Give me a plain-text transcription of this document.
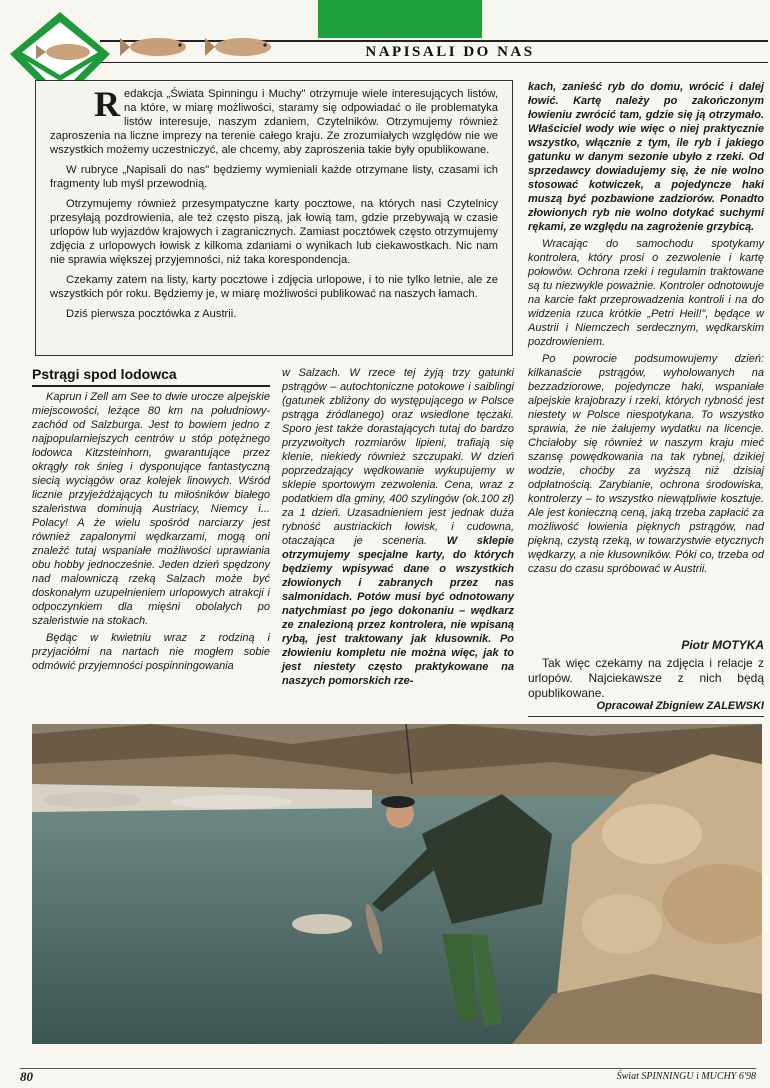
NAPISALI DO NAS

Redakcja „Świata Spinningu i Muchy" otrzymuje wiele interesujących listów, na które, w miarę możliwości, staramy się odpowiadać o ile problematyka listów interesuje, naszym zdaniem, Czytelników. Otrzymujemy również zaproszenia na liczne imprezy na terenie całego kraju. Ze zrozumiałych względów nie we wszystkich możemy uczestniczyć, ale chcemy, aby zaproszenia takie były opublikowane.

W rubryce „Napisali do nas" będziemy wymieniali każde otrzymane listy, czasami ich fragmenty lub myśl przewodnią.

Otrzymujemy również przesympatyczne karty pocztowe, na których nasi Czytelnicy przesyłają pozdrowienia, ale też często piszą, jak łowią tam, gdzie przebywają w czasie urlopów lub wyjazdów krajowych i zagranicznych. Zamiast pocztówek często otrzymujemy zdjęcia z urlopowych łowisk z kilkoma zdaniami o wynikach lub ciekawostkach. Nic nam nie sprawia większej przyjemności, niż taka korespondencja.

Czekamy zatem na listy, karty pocztowe i zdjęcia urlopowe, i to nie tylko letnie, ale ze wszystkich pór roku. Będziemy je, w miarę możliwości publikować na naszych łamach.

Dziś pierwsza pocztówka z Austrii.

Pstrągi spod lodowca

Kaprun i Zell am See to dwie urocze alpejskie miejscowości, leżące 80 km na południowy-zachód od Salzburga. Jest to bowiem jedno z najpopularniejszych centrów u stóp potężnego lodowca Kitzsteinhorn, gwarantujące przez okrągły rok śnieg i dysponujące fantastyczną siecią wyciągów oraz kolejek linowych. Wśród licznie przyjeżdżających tu miłośników białego szaleństwa dominują Austriacy, Niemcy i... Polacy! A że wielu spośród narciarzy jest również zapalonymi wędkarzami, mogą oni znaleźć tutaj wspaniałe możliwości uprawiania obu hobby jednocześnie. Jeden dzień spędzony nad malowniczą rzeką Salzach może być doskonałym uzupełnieniem urlopowych atrakcji i odpoczynkiem dla mięśni obolałych po szaleństwie na stokach.

Będąc w kwietniu wraz z rodziną i przyjaciółmi na nartach nie mogłem sobie odmówić przyjemności pospinningowania

w Salzach. W rzece tej żyją trzy gatunki pstrągów – autochtoniczne potokowe i saiblingi (gatunek zbliżony do występującego w Polsce pstrąga źródlanego) oraz wsiedlone tęczaki. Sporo jest także dorastających tutaj do bardzo przyzwoitych rozmiarów lipieni, trafiają się klenie, niekiedy również szczupaki. W dzień poprzedzający wędkowanie wykupujemy w sklepie sportowym zezwolenia. Cena, wraz z podatkiem dla gminy, 400 szylingów (ok.100 zł) za 1 dzień. Uzasadnieniem jest jednak duża rybność austriackich łowisk, i cudowna, otaczająca je sceneria. W sklepie otrzymujemy specjalne karty, do których będziemy wpisywać dane o wszystkich złowionych i zabranych przez nas salmonidach. Potów musi być odnotowany natychmiast po jego dokonaniu – wędkarz ze znalezioną przez kontrolera, nie wpisaną rybą, jest traktowany jak kłusownik. Po złowieniu kompletu nie można więc, jak to jest niestety często praktykowane na naszych pomorskich rze-

kach, zanieść ryb do domu, wrócić i dalej łowić. Kartę należy po zakończonym łowieniu zwrócić tam, gdzie się ją otrzymało. Właściciel wody wie więc o niej praktycznie wszystko, włącznie z tym, ile ryb i jakiego gatunku w danym sezonie ubyło z rzeki. Od sprzedawcy dowiadujemy się, że nie wolno stosować kotwiczek, a pojedyncze haki muszą być pozbawione zadziorów. Ponadto złowionych ryb nie wolno dotykać suchymi rękami, ze względu na zagrożenie grzybicą.

Wracając do samochodu spotykamy kontrolera, który prosi o zezwolenie i kartę połowów. Ochrona rzeki i regulamin traktowane są tu niezwykle poważnie. Kontroler odnotowuje na karcie fakt przeprowadzenia kontroli i na do widzenia rzuca krótkie „Petri Heil!", będące w Austrii i Niemczech serdecznym, wędkarskim pozdrowieniem.

Po powrocie podsumowujemy dzień: kilkanaście pstrągów, wyholowanych na bezzadziorowe, pojedyncze haki, wspaniałe alpejskie krajobrazy i rzeki, których rybność jest niestety w Polsce niespotykana. To wszystko sprawia, że nie żałujemy wydatku na licencje. Chciałoby się również w naszym kraju mieć szansę powędkowania na tak rybnej, dzikiej wodzie, choćby za wyższą niż dzisiaj odpłatnością. Zarybianie, ochrona środowiska, kontrolerzy – to wszystko niewątpliwie kosztuje. Ale jest konieczną ceną, jaką trzeba zapłacić za możliwość łowienia pięknych pstrągów, nad piękną, czystą rzeką, w towarzystwie etycznych wędkarzy, a nie kłusowników. Póki co, trzeba od czasu do czasu spróbować w Austrii.

Piotr MOTYKA

Tak więc czekamy na zdjęcia i relacje z urlopów. Najciekawsze z nich będą opublikowane.

Opracował Zbigniew ZALEWSKI
80	Świat SPINNINGU i MUCHY 6'98
